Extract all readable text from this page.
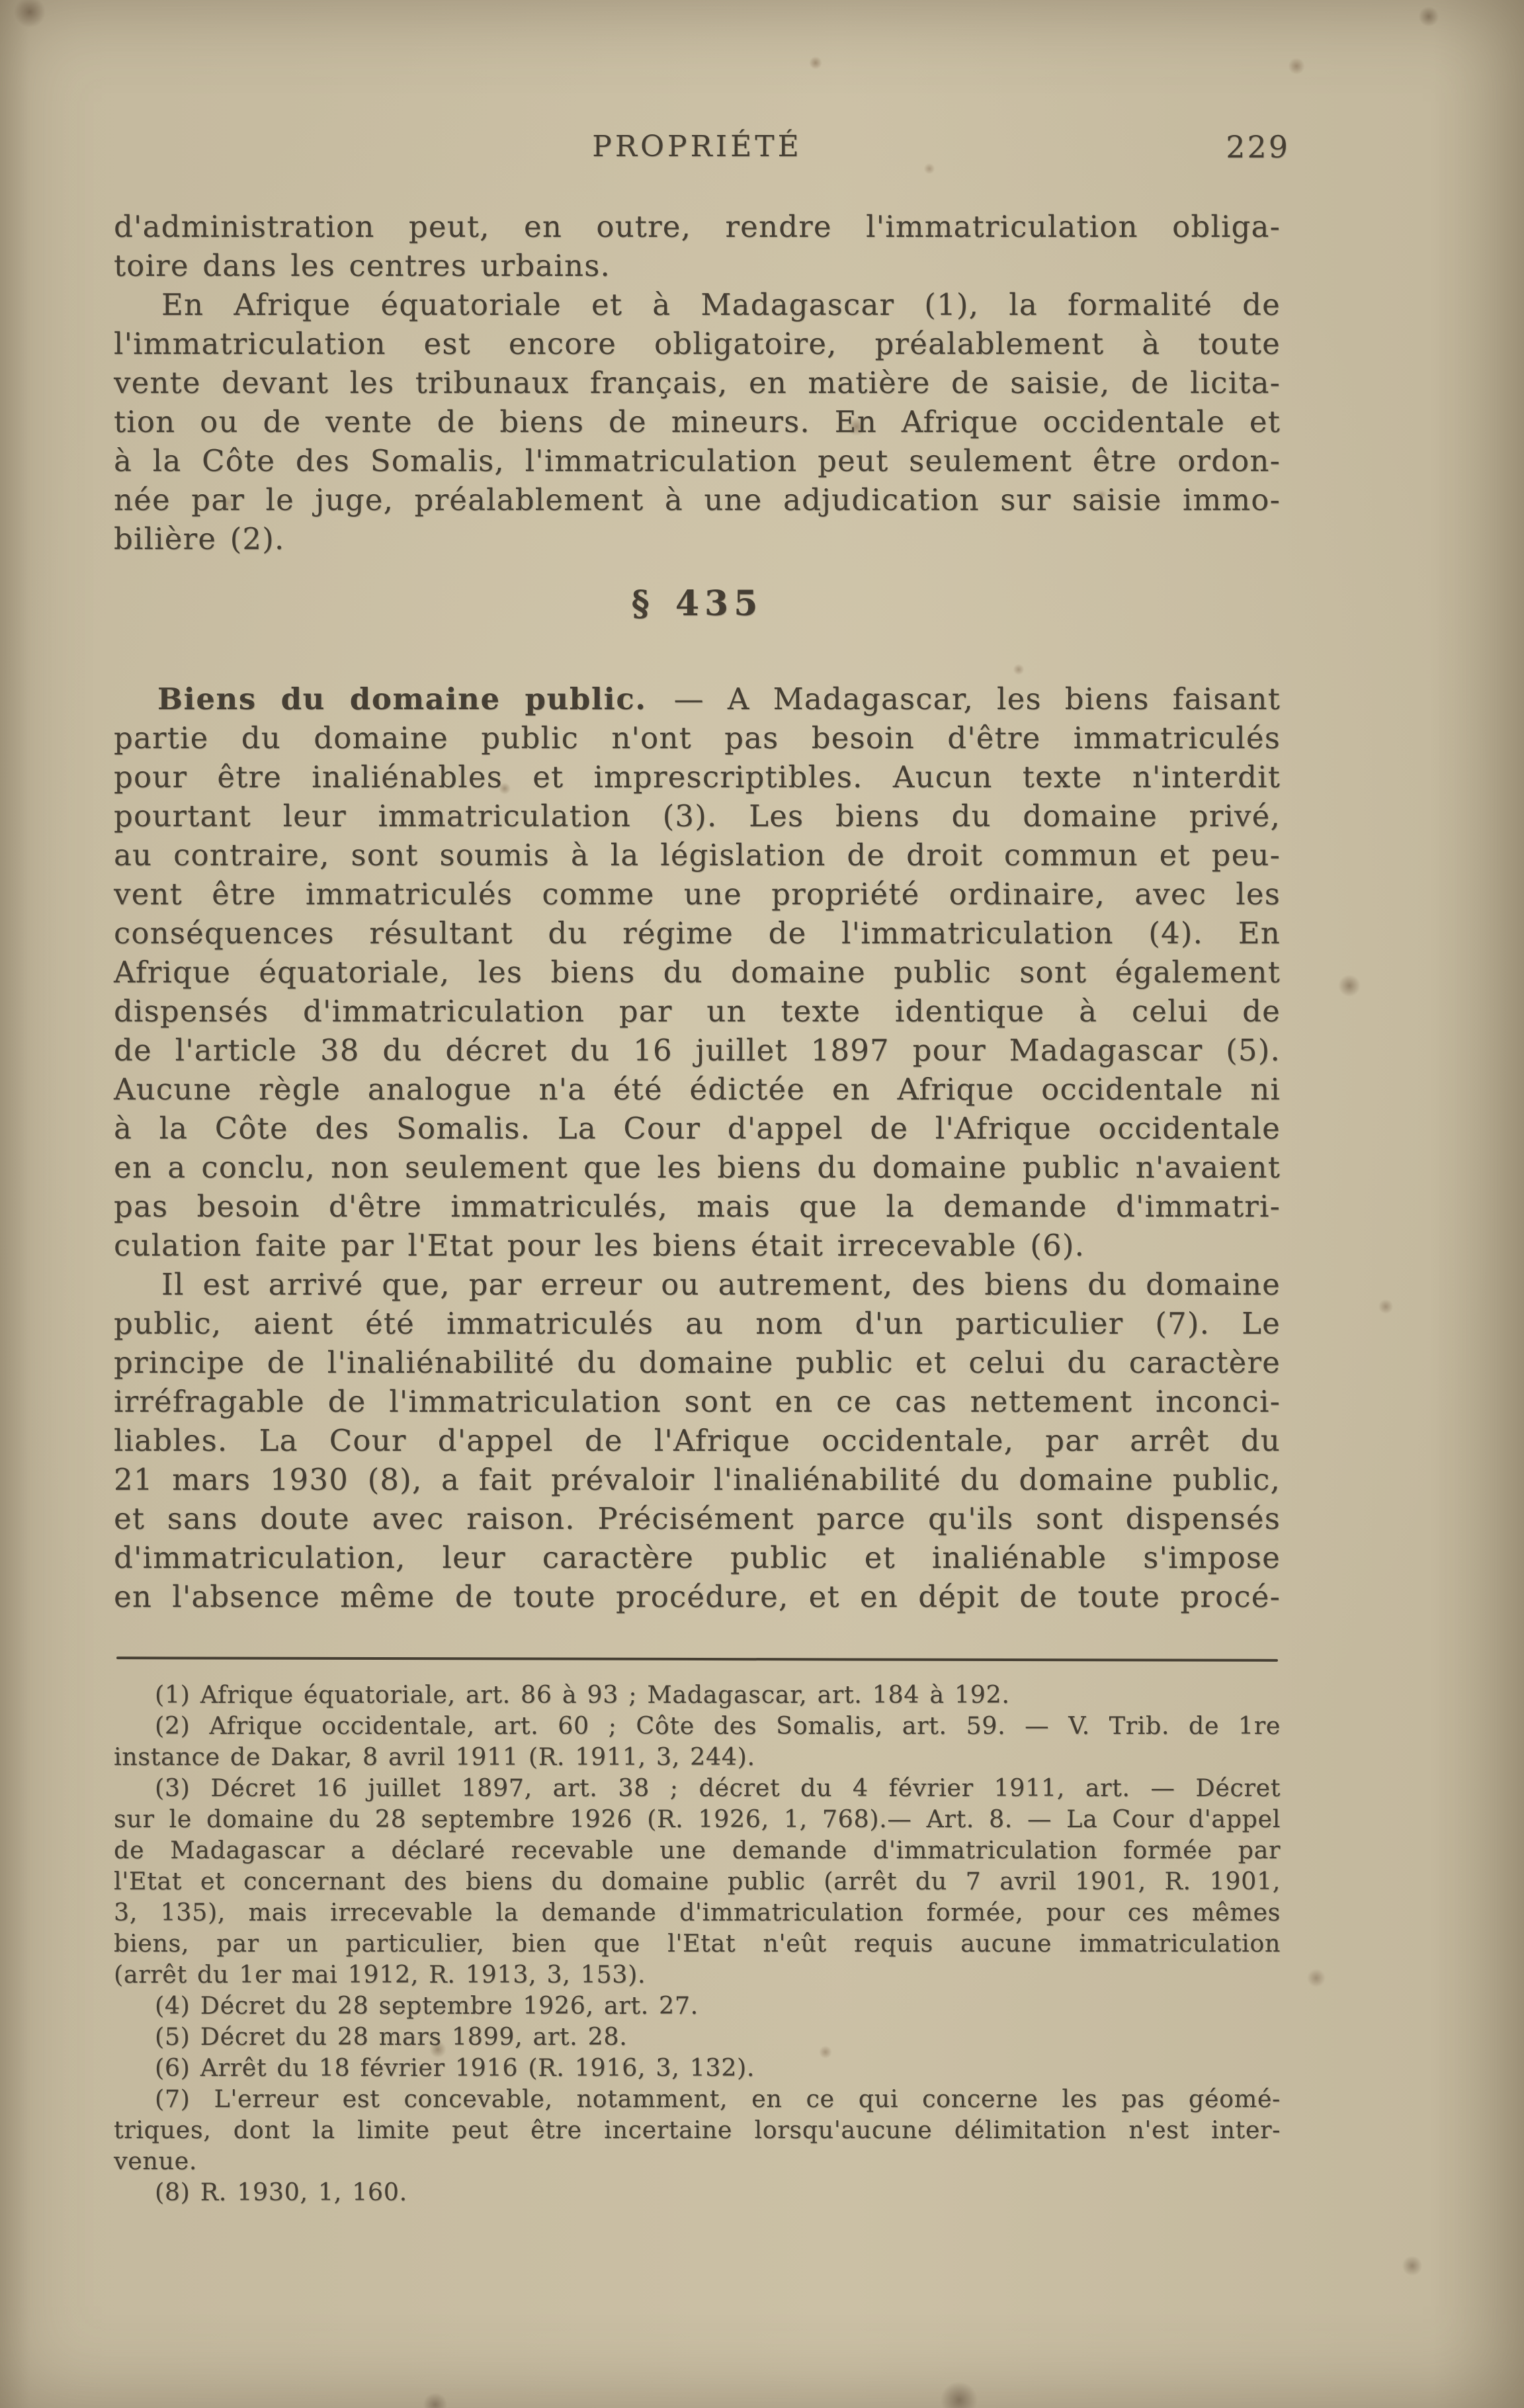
PROPRIÉTÉ	229
d'administration peut, en outre, rendre l'immatriculation obliga-
toire dans les centres urbains.
En Afrique équatoriale et à Madagascar (1), la formalité de
l'immatriculation est encore obligatoire, préalablement à toute
vente devant les tribunaux français, en matière de saisie, de licita-
tion ou de vente de biens de mineurs. En Afrique occidentale et
à la Côte des Somalis, l'immatriculation peut seulement être ordon-
née par le juge, préalablement à une adjudication sur saisie immo-
bilière (2).
§ 435
Biens du domaine public. — A Madagascar, les biens faisant
partie du domaine public n'ont pas besoin d'être immatriculés
pour être inaliénables et imprescriptibles. Aucun texte n'interdit
pourtant leur immatriculation (3). Les biens du domaine privé,
au contraire, sont soumis à la législation de droit commun et peu-
vent être immatriculés comme une propriété ordinaire, avec les
conséquences résultant du régime de l'immatriculation (4). En
Afrique équatoriale, les biens du domaine public sont également
dispensés d'immatriculation par un texte identique à celui de
de l'article 38 du décret du 16 juillet 1897 pour Madagascar (5).
Aucune règle analogue n'a été édictée en Afrique occidentale ni
à la Côte des Somalis. La Cour d'appel de l'Afrique occidentale
en a conclu, non seulement que les biens du domaine public n'avaient
pas besoin d'être immatriculés, mais que la demande d'immatri-
culation faite par l'Etat pour les biens était irrecevable (6).
Il est arrivé que, par erreur ou autrement, des biens du domaine
public, aient été immatriculés au nom d'un particulier (7). Le
principe de l'inaliénabilité du domaine public et celui du caractère
irréfragable de l'immatriculation sont en ce cas nettement inconci-
liables. La Cour d'appel de l'Afrique occidentale, par arrêt du
21 mars 1930 (8), a fait prévaloir l'inaliénabilité du domaine public,
et sans doute avec raison. Précisément parce qu'ils sont dispensés
d'immatriculation, leur caractère public et inaliénable s'impose
en l'absence même de toute procédure, et en dépit de toute procé-
(1) Afrique équatoriale, art. 86 à 93 ; Madagascar, art. 184 à 192.
(2) Afrique occidentale, art. 60 ; Côte des Somalis, art. 59. — V. Trib. de 1re
instance de Dakar, 8 avril 1911 (R. 1911, 3, 244).
(3) Décret 16 juillet 1897, art. 38 ; décret du 4 février 1911, art. — Décret
sur le domaine du 28 septembre 1926 (R. 1926, 1, 768).— Art. 8. — La Cour d'appel
de Madagascar a déclaré recevable une demande d'immatriculation formée par
l'Etat et concernant des biens du domaine public (arrêt du 7 avril 1901, R. 1901,
3, 135), mais irrecevable la demande d'immatriculation formée, pour ces mêmes
biens, par un particulier, bien que l'Etat n'eût requis aucune immatriculation
(arrêt du 1er mai 1912, R. 1913, 3, 153).
(4) Décret du 28 septembre 1926, art. 27.
(5) Décret du 28 mars 1899, art. 28.
(6) Arrêt du 18 février 1916 (R. 1916, 3, 132).
(7) L'erreur est concevable, notamment, en ce qui concerne les pas géomé-
triques, dont la limite peut être incertaine lorsqu'aucune délimitation n'est inter-
venue.
(8) R. 1930, 1, 160.
